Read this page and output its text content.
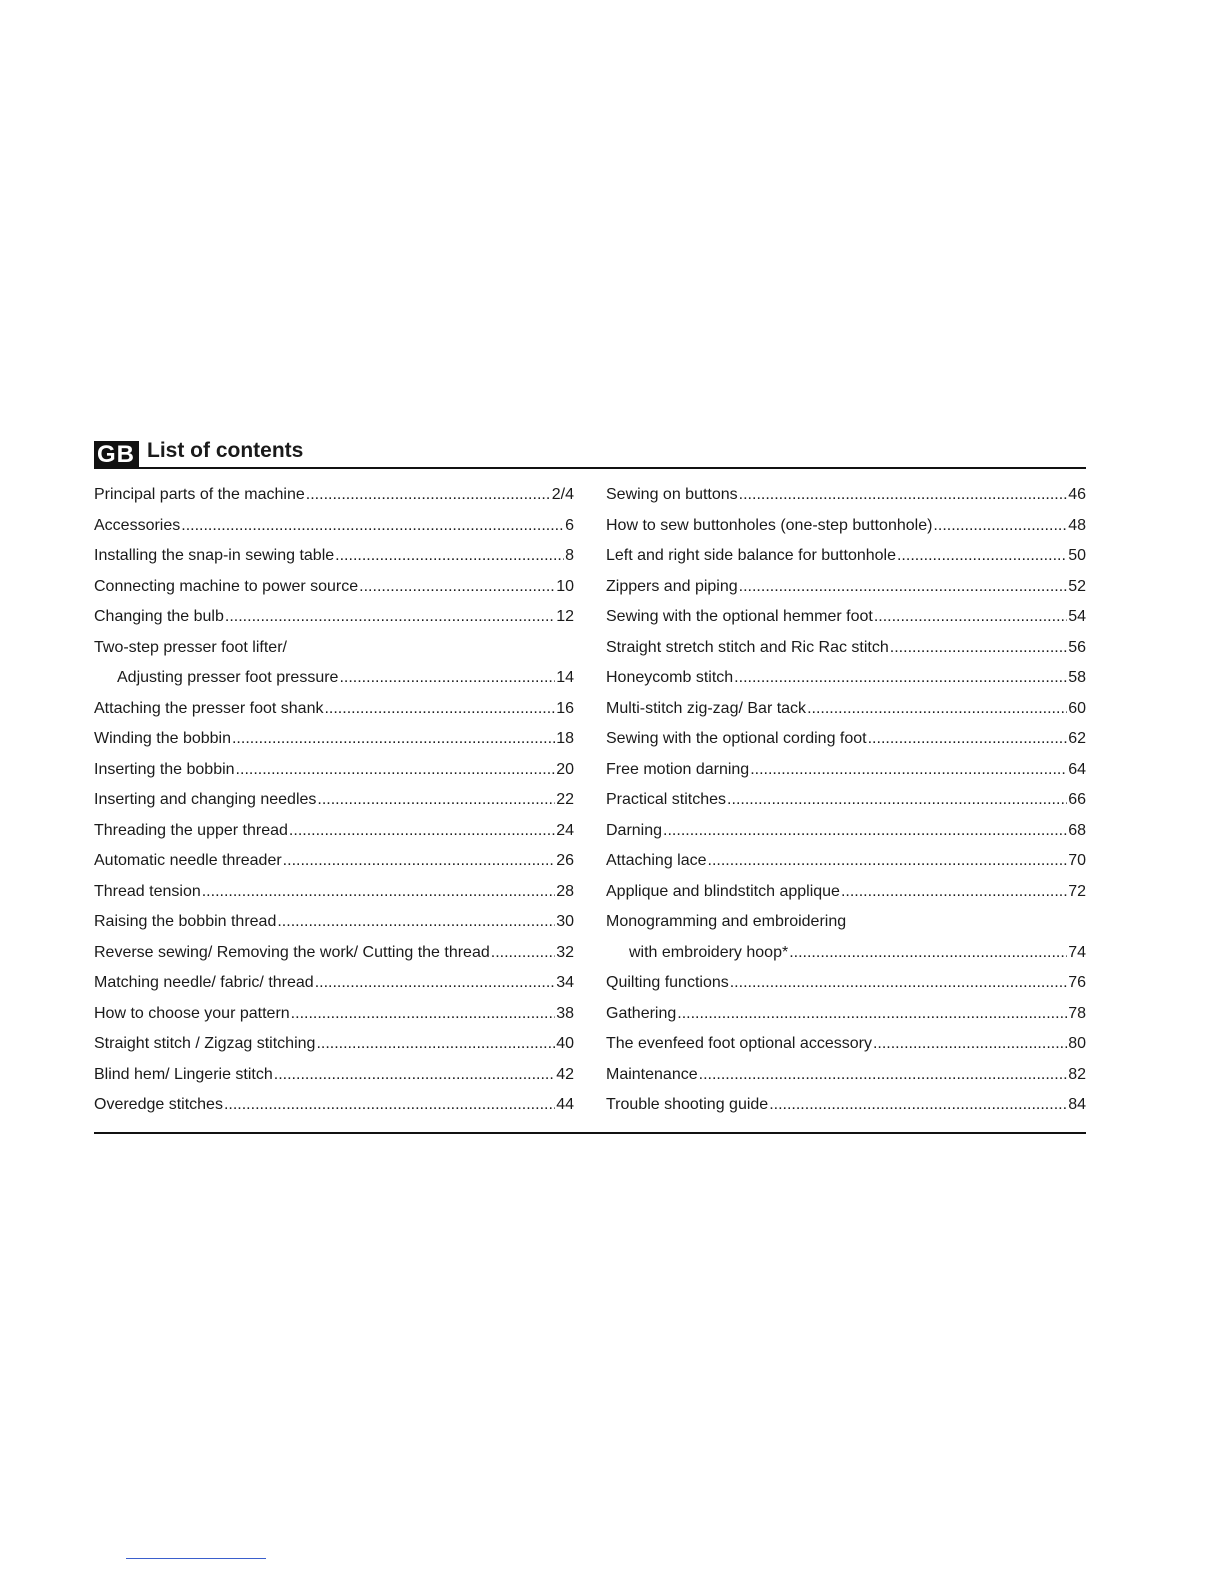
GB List of contents
Principal parts of the machine .....	2/4
Accessories .....	6
Installing the snap-in sewing table .....	8
Connecting machine to power source .....	10
Changing the bulb .....	12
Two-step presser foot lifter/
Adjusting presser foot pressure .....	14
Attaching the presser foot shank .....	16
Winding the bobbin .....	18
Inserting the bobbin .....	20
Inserting and changing needles .....	22
Threading the upper thread .....	24
Automatic needle threader .....	26
Thread tension .....	28
Raising the bobbin thread .....	30
Reverse sewing/ Removing the work/ Cutting the thread .....	32
Matching needle/ fabric/ thread .....	34
How to choose your pattern .....	38
Straight stitch / Zigzag stitching .....	40
Blind hem/ Lingerie stitch .....	42
Overedge stitches .....	44
Sewing on buttons .....	46
How to sew buttonholes (one-step buttonhole) .....	48
Left and right side balance for buttonhole .....	50
Zippers and piping .....	52
Sewing with the optional hemmer foot .....	54
Straight stretch stitch and Ric Rac stitch .....	56
Honeycomb stitch .....	58
Multi-stitch zig-zag/ Bar tack .....	60
Sewing with the optional cording foot .....	62
Free motion darning .....	64
Practical stitches .....	66
Darning .....	68
Attaching lace .....	70
Applique and blindstitch applique .....	72
Monogramming and embroidering
with embroidery hoop* .....	74
Quilting functions .....	76
Gathering .....	78
The evenfeed foot optional accessory .....	80
Maintenance .....	82
Trouble shooting guide .....	84
